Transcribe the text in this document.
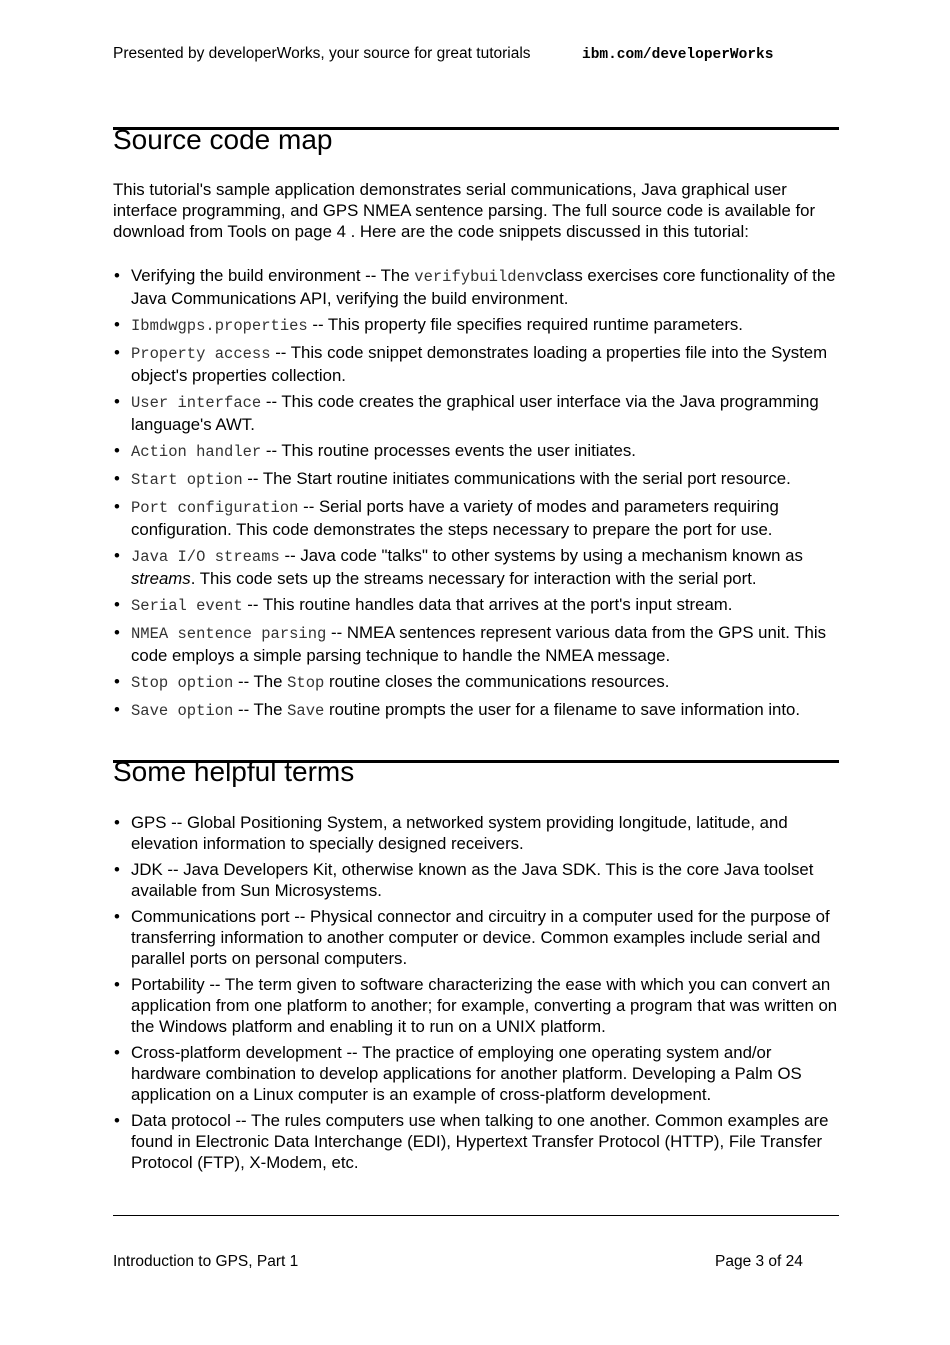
Presented by developerWorks, your source for great tutorials	ibm.com/developerWorks
Source code map

This tutorial's sample application demonstrates serial communications, Java graphical user interface programming, and GPS NMEA sentence parsing. The full source code is available for download from Tools on page 4 . Here are the code snippets discussed in this tutorial:

• Verifying the build environment -- The verifybuildenvclass exercises core functionality of the Java Communications API, verifying the build environment.
• Ibmdwgps.properties -- This property file specifies required runtime parameters.
• Property access -- This code snippet demonstrates loading a properties file into the System object's properties collection.
• User interface -- This code creates the graphical user interface via the Java programming language's AWT.
• Action handler -- This routine processes events the user initiates.
• Start option -- The Start routine initiates communications with the serial port resource.
• Port configuration -- Serial ports have a variety of modes and parameters requiring configuration. This code demonstrates the steps necessary to prepare the port for use.
• Java I/O streams -- Java code "talks" to other systems by using a mechanism known as streams. This code sets up the streams necessary for interaction with the serial port.
• Serial event -- This routine handles data that arrives at the port's input stream.
• NMEA sentence parsing -- NMEA sentences represent various data from the GPS unit. This code employs a simple parsing technique to handle the NMEA message.
• Stop option -- The Stop routine closes the communications resources.
• Save option -- The Save routine prompts the user for a filename to save information into.
Some helpful terms
• GPS -- Global Positioning System, a networked system providing longitude, latitude, and elevation information to specially designed receivers.
• JDK -- Java Developers Kit, otherwise known as the Java SDK. This is the core Java toolset available from Sun Microsystems.
• Communications port -- Physical connector and circuitry in a computer used for the purpose of transferring information to another computer or device. Common examples include serial and parallel ports on personal computers.
• Portability -- The term given to software characterizing the ease with which you can convert an application from one platform to another; for example, converting a program that was written on the Windows platform and enabling it to run on a UNIX platform.
• Cross-platform development -- The practice of employing one operating system and/or hardware combination to develop applications for another platform. Developing a Palm OS application on a Linux computer is an example of cross-platform development.
• Data protocol -- The rules computers use when talking to one another. Common examples are found in Electronic Data Interchange (EDI), Hypertext Transfer Protocol (HTTP), File Transfer Protocol (FTP), X-Modem, etc.
Introduction to GPS, Part 1	Page 3 of 24
